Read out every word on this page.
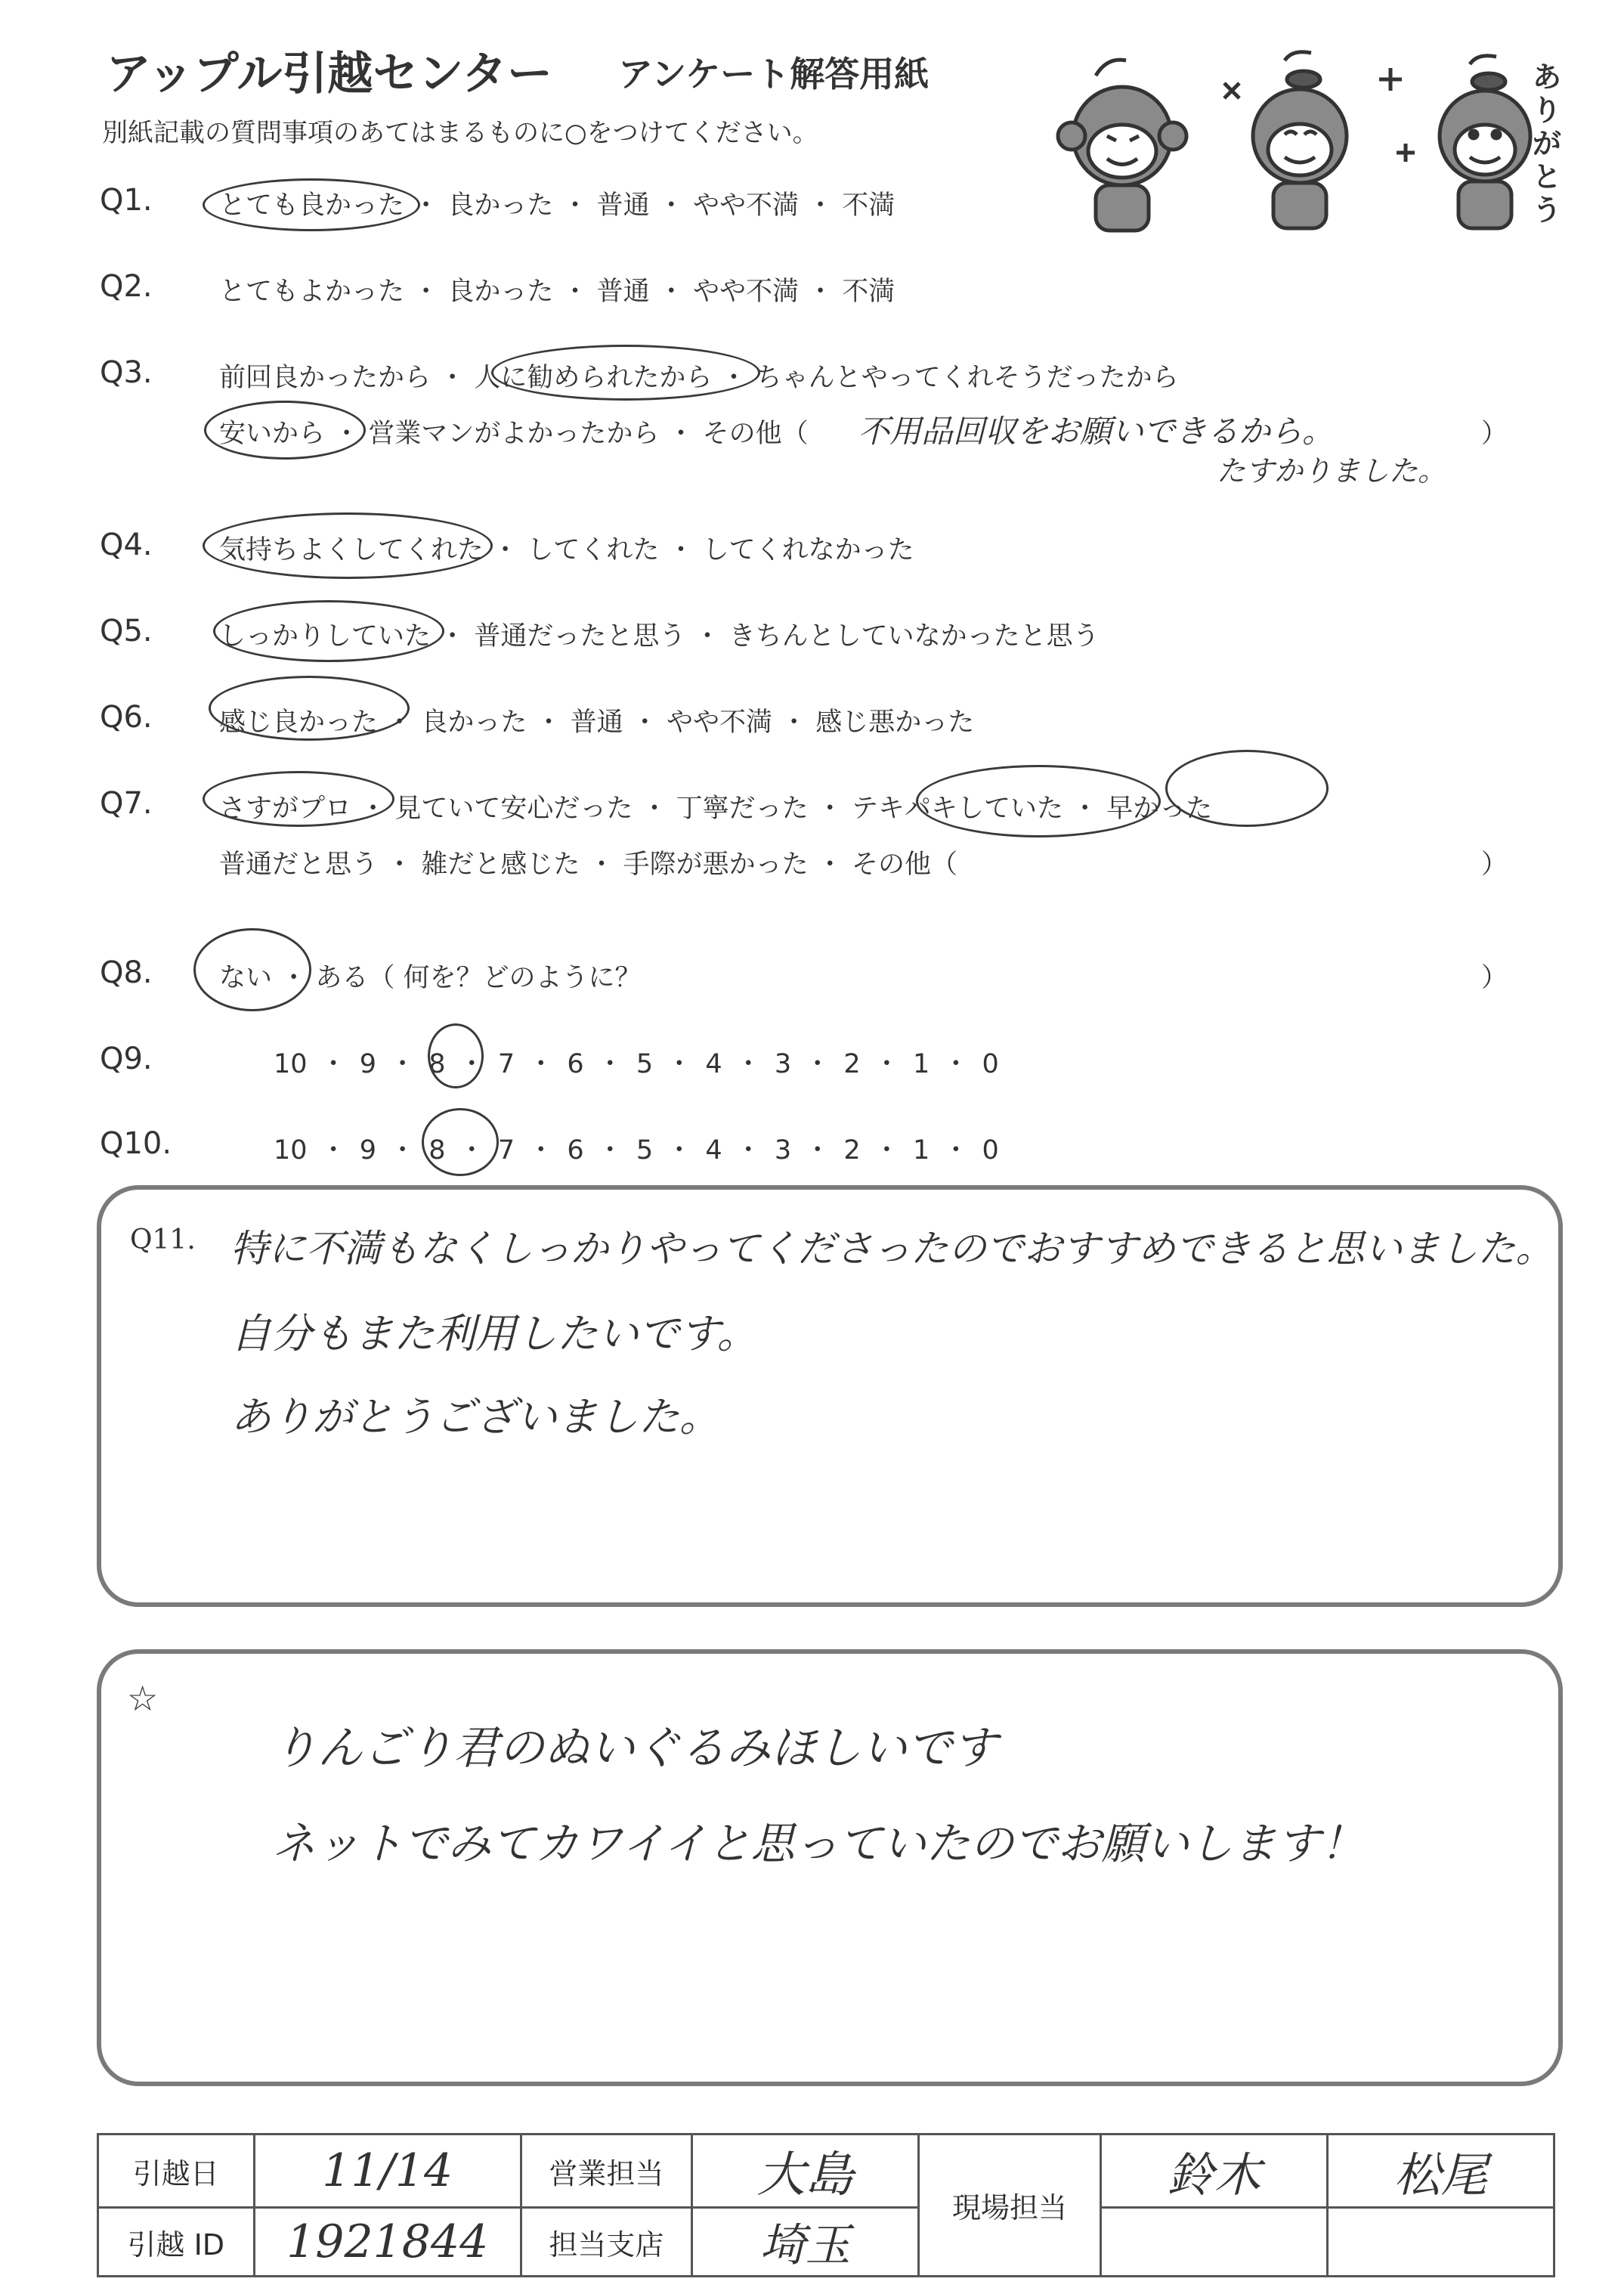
アップル引越センター アンケート解答用紙
別紙記載の質問事項のあてはまるものに○をつけてください。
ありがとう
Q1.	とても良かった ・ 良かった ・ 普通 ・ やや不満 ・ 不満
Q2.	とてもよかった ・ 良かった ・ 普通 ・ やや不満 ・ 不満
Q3.	前回良かったから ・ 人に勧められたから ・ ちゃんとやってくれそうだったから
安いから ・ 営業マンがよかったから ・ その他（	）
不用品回収をお願いできるから。
たすかりました。
Q4.	気持ちよくしてくれた ・ してくれた ・ してくれなかった
Q5.	しっかりしていた ・ 普通だったと思う ・ きちんとしていなかったと思う
Q6.	感じ良かった ・ 良かった ・ 普通 ・ やや不満 ・ 感じ悪かった
Q7.	さすがプロ ・ 見ていて安心だった ・ 丁寧だった ・ テキパキしていた ・ 早かった
普通だと思う ・ 雑だと感じた ・ 手際が悪かった ・ その他（	）
Q8.	ない ・ ある（ 何を？どのように？	）
Q9.	10 ・ 9 ・ 8 ・ 7 ・ 6 ・ 5 ・ 4 ・ 3 ・ 2 ・ 1 ・ 0
Q10.	10 ・ 9 ・ 8 ・ 7 ・ 6 ・ 5 ・ 4 ・ 3 ・ 2 ・ 1 ・ 0
Q11. 特に不満もなくしっかりやってくださったのでおすすめできると思いました。
自分もまた利用したいです。
ありがとうございました。
☆
りんごり君のぬいぐるみほしいです
ネットでみてカワイイと思っていたのでお願いします！
引越日	11/14	営業担当	大島	現場担当	鈴木	松尾
引越 ID	1921844	担当支店	埼玉			
